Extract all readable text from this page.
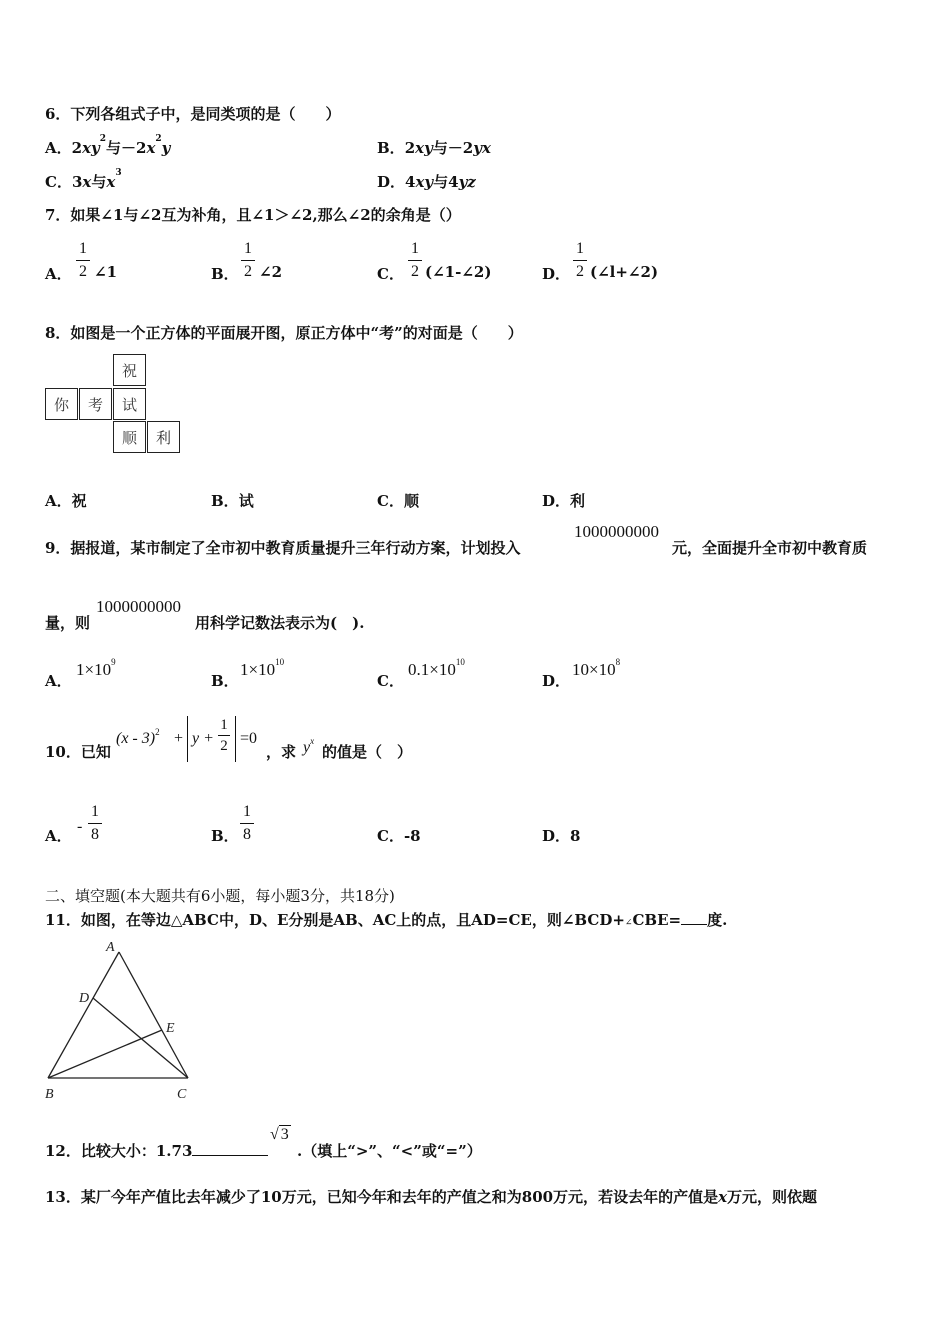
6．下列各组式子中，是同类项的是（　　）
A．$2xy^2$与$-2x^2y$	B．2xy与－2yx
C．3x与$x^3$	D．4xy与4yz
7．如果∠1与∠2互为补角，且∠1＞∠2,那么∠2的余角是（）
A．
1
2 ∠1	B．
1
2 ∠2	C．
1
2 (∠1-∠2)	D．
1
2 (∠l+∠2)
8．如图是一个正方体的平面展开图，原正方体中“考”的对面是（　　）
祝
你	考	试
顺	利
A．祝	B．试	C．顺	D．利
9．据报道，某市制定了全市初中教育质量提升三年行动方案，计划投入
1000000000
元，全面提升全市初中教育质
量，则
1000000000
用科学记数法表示为(　).
A．
$1\times 10^9$
B．
$1\times 10^{10}$
C．
$0.1\times 10^{10}$
D．
$10\times 10^8$
10．已知
(x - 3)$^2$ + y +
1
2 =0
，求 $y^x$
的值是（　）
A．
-
1
8	B．
1
8	C．-8	D．8
二、填空题(本大题共有6小题，每小题3分，共18分)
11．如图，在等边△ABC中，D、E分别是AB、AC上的点，且AD=CE，则∠BCD+∠CBE= 度.
A
D
E
B	C
12．比较大小：1.73
√ 3
.（填上“>”、“<”或“=”）
13．某厂今年产值比去年减少了10万元，已知今年和去年的产值之和为800万元，若设去年的产值是x万元，则依题
